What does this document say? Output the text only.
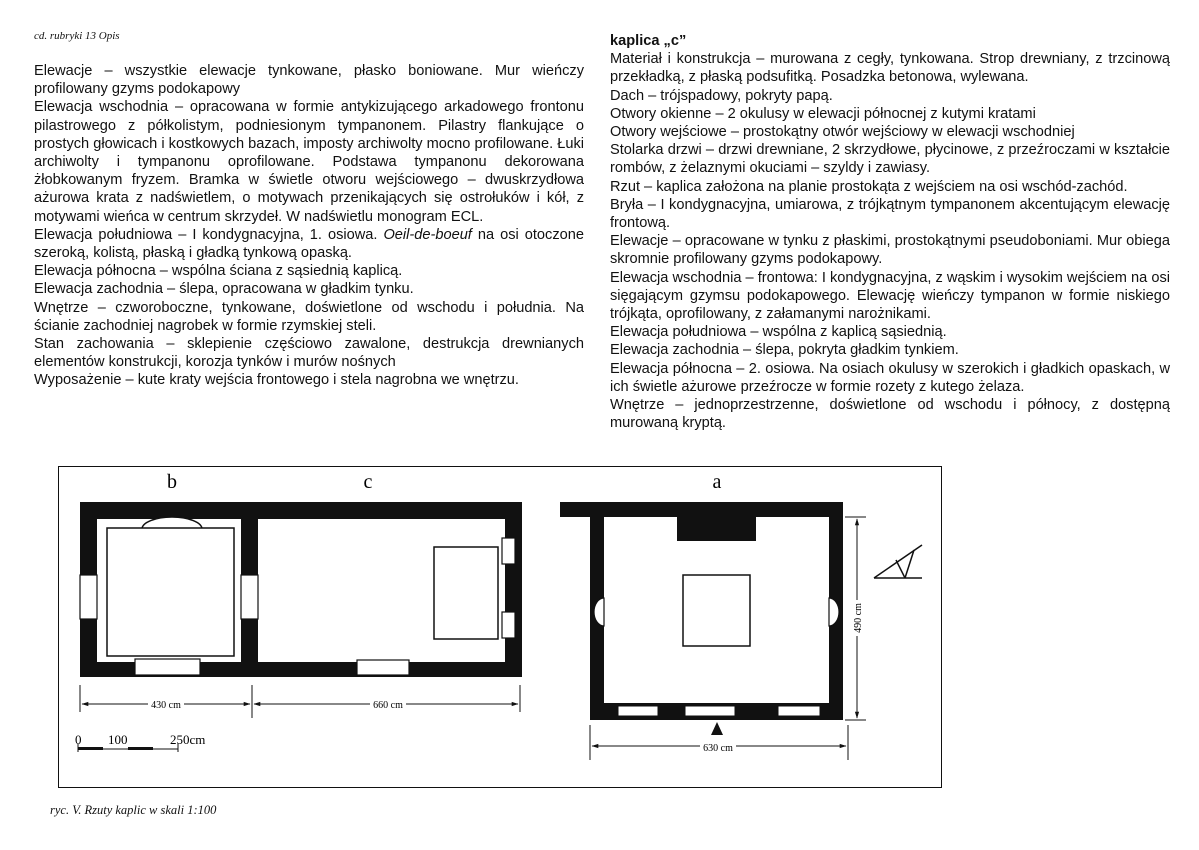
cd. rubryki 13 Opis

Elewacje – wszystkie elewacje tynkowane, płasko boniowane. Mur wieńczy profilowany gzyms podokapowy

Elewacja wschodnia – opracowana w formie antykizującego arkadowego frontonu pilastrowego z półkolistym, podniesionym tympanonem. Pilastry flankujące o prostych głowicach i kostkowych bazach, imposty archiwolty mocno profilowane. Łuki archiwolty i tympanonu oprofilowane. Podstawa tympanonu dekorowana żłobkowanym fryzem. Bramka w świetle otworu wejściowego – dwuskrzydłowa ażurowa krata z nadświetlem, o motywach przenikających się ostrołuków i kół, z motywami wieńca w centrum skrzydeł. W nadświetlu monogram ECL.

Elewacja południowa – I kondygnacyjna, 1. osiowa. Oeil-de-boeuf na osi otoczone szeroką, kolistą, płaską i gładką tynkową opaską.

Elewacja północna – wspólna ściana z sąsiednią kaplicą.

Elewacja zachodnia – ślepa, opracowana w gładkim tynku.

Wnętrze – czworoboczne, tynkowane, doświetlone od wschodu i południa. Na ścianie zachodniej nagrobek w formie rzymskiej steli.

Stan zachowania – sklepienie częściowo zawalone, destrukcja drewnianych elementów konstrukcji, korozja tynków i murów nośnych

Wyposażenie – kute kraty wejścia frontowego i stela nagrobna we wnętrzu.

kaplica „c”

Materiał i konstrukcja – murowana z cegły, tynkowana. Strop drewniany, z trzcinową przekładką, z płaską podsufitką. Posadzka betonowa, wylewana.

Dach – trójspadowy, pokryty papą.

Otwory okienne – 2 okulusy w elewacji północnej z kutymi kratami

Otwory wejściowe – prostokątny otwór wejściowy w elewacji wschodniej

Stolarka drzwi – drzwi drewniane, 2 skrzydłowe, płycinowe, z przeźroczami w kształcie rombów, z żelaznymi okuciami – szyldy i zawiasy.

Rzut – kaplica założona na planie prostokąta z wejściem na osi wschód-zachód.

Bryła – I kondygnacyjna, umiarowa, z trójkątnym tympanonem akcentującym elewację frontową.

Elewacje – opracowane w tynku z płaskimi, prostokątnymi pseudoboniami. Mur obiega skromnie profilowany gzyms podokapowy.

Elewacja wschodnia – frontowa: I kondygnacyjna, z wąskim i wysokim wejściem na osi sięgającym gzymsu podokapowego. Elewację wieńczy tympanon w formie niskiego trójkąta, oprofilowany, z załamanymi narożnikami.

Elewacja południowa – wspólna z kaplicą sąsiednią.

Elewacja zachodnia – ślepa, pokryta gładkim tynkiem.

Elewacja północna – 2. osiowa. Na osiach okulusy w szerokich i gładkich opaskach, w ich świetle ażurowe przeźrocze w formie rozety z kutego żelaza.

Wnętrze – jednoprzestrzenne, doświetlone od wschodu i północy, z dostępną murowaną kryptą.

b	c	a
430 cm	660 cm
0 100	250cm
630 cm
490 cm
ryc. V. Rzuty kaplic w skali 1:100
